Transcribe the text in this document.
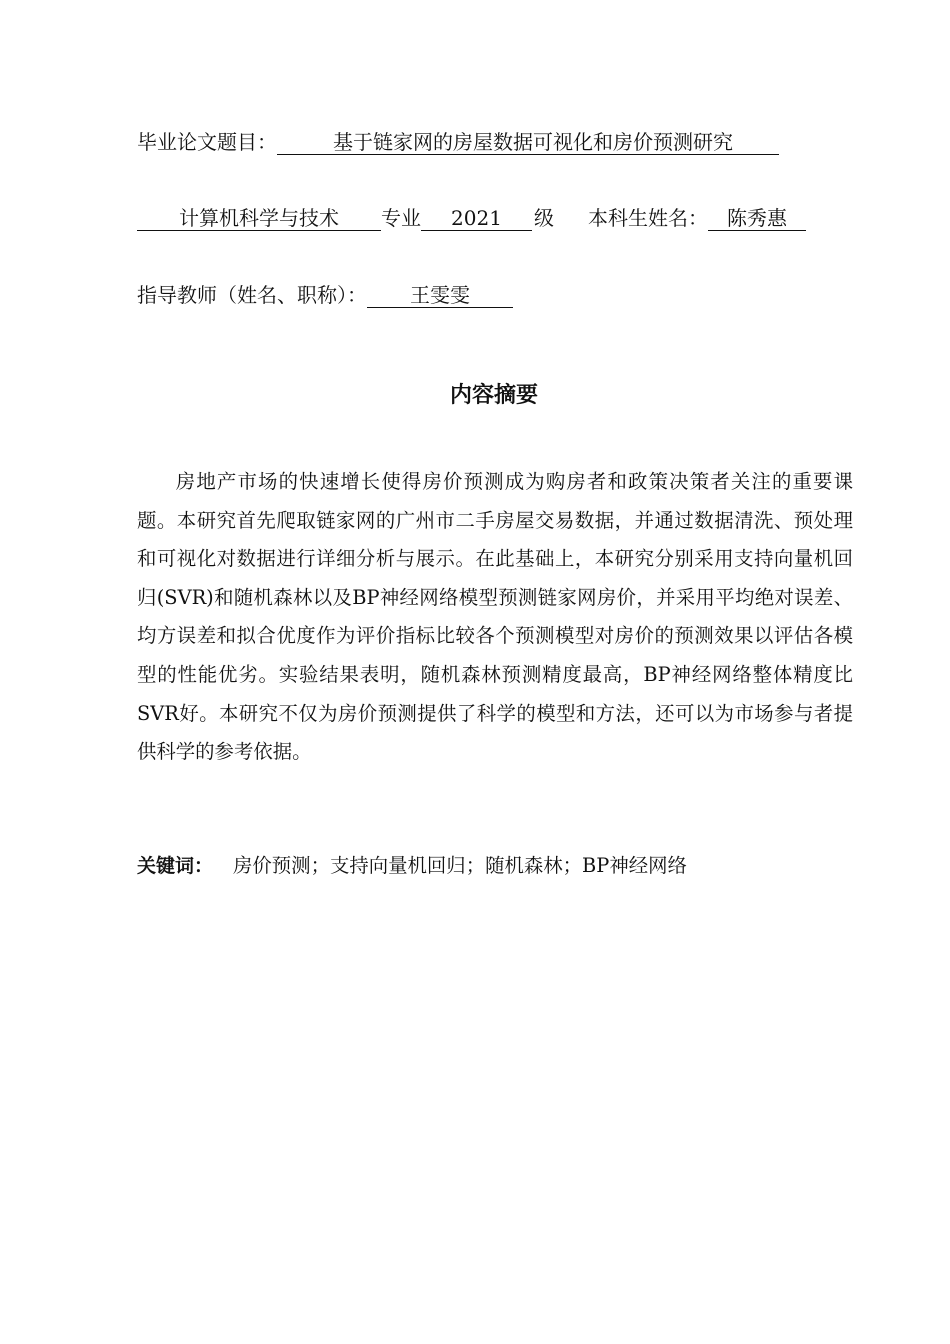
毕业论文题目：	基于链家网的房屋数据可视化和房价预测研究
计算机科学与技术 专业 2021 级 本科生姓名： 陈秀惠
指导教师（姓名、职称）： 王雯雯
内容摘要
房地产市场的快速增长使得房价预测成为购房者和政策决策者关注的重要课题。本研究首先爬取链家网的广州市二手房屋交易数据，并通过数据清洗、预处理和可视化对数据进行详细分析与展示。在此基础上，本研究分别采用支持向量机回归(SVR)和随机森林以及BP神经网络模型预测链家网房价，并采用平均绝对误差、均方误差和拟合优度作为评价指标比较各个预测模型对房价的预测效果以评估各模型的性能优劣。实验结果表明，随机森林预测精度最高，BP神经网络整体精度比SVR好。本研究不仅为房价预测提供了科学的模型和方法，还可以为市场参与者提供科学的参考依据。
关键词： 房价预测；支持向量机回归；随机森林；BP神经网络
